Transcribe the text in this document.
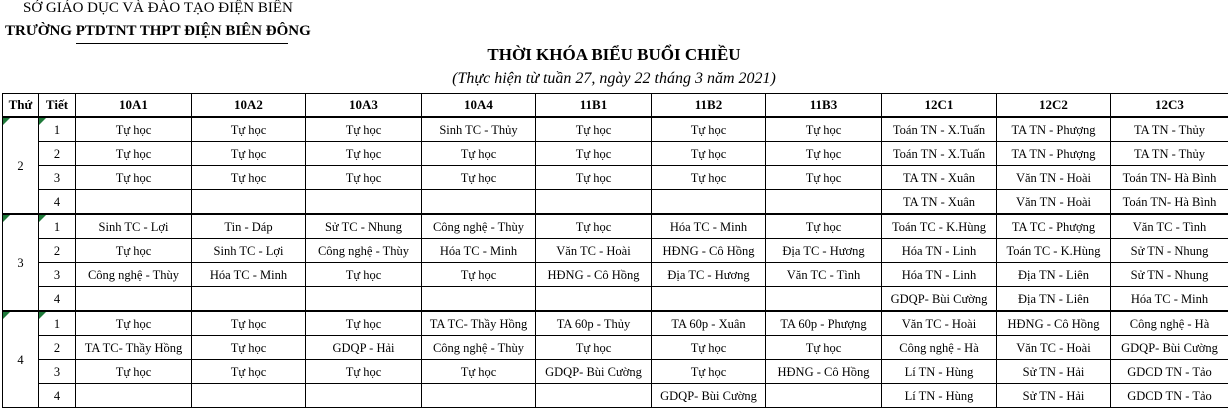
SỞ GIÁO DỤC VÀ ĐÀO TẠO ĐIỆN BIÊN
TRƯỜNG PTDTNT THPT ĐIỆN BIÊN ĐÔNG
THỜI KHÓA BIỂU BUỔI CHIỀU
(Thực hiện từ tuần 27, ngày 22 tháng 3 năm 2021)
Thứ	Tiết	10A1	10A2	10A3	10A4	11B1	11B2	11B3	12C1	12C2	12C3
2	1	Tự học	Tự học	Tự học	Sinh TC - Thủy	Tự học	Tự học	Tự học	Toán TN - X.Tuấn	TA TN - Phượng	TA TN - Thủy
	2	Tự học	Tự học	Tự học	Tự học	Tự học	Tự học	Tự học	Toán TN - X.Tuấn	TA TN - Phượng	TA TN - Thủy
	3	Tự học	Tự học	Tự học	Tự học	Tự học	Tự học	Tự học	TA TN - Xuân	Văn TN - Hoài	Toán TN- Hà Bình
	4								TA TN - Xuân	Văn TN - Hoài	Toán TN- Hà Bình
3	1	Sinh TC - Lợi	Tin - Dáp	Sử TC - Nhung	Công nghệ - Thùy	Tự học	Hóa TC - Minh	Tự học	Toán TC - K.Hùng	TA TC - Phượng	Văn TC - Tình
	2	Tự học	Sinh TC - Lợi	Công nghệ - Thùy	Hóa TC - Minh	Văn TC - Hoài	HĐNG - Cô Hồng	Địa TC - Hương	Hóa TN - Linh	Toán TC - K.Hùng	Sử TN - Nhung
	3	Công nghệ - Thùy	Hóa TC - Minh	Tự học	Tự học	HĐNG - Cô Hồng	Địa TC - Hương	Văn TC - Tình	Hóa TN - Linh	Địa TN - Liên	Sử TN - Nhung
	4								GDQP- Bùi Cường	Địa TN - Liên	Hóa TC - Minh
4	1	Tự học	Tự học	Tự học	TA TC- Thầy Hồng	TA 60p - Thủy	TA 60p - Xuân	TA 60p - Phượng	Văn TC - Hoài	HĐNG - Cô Hồng	Công nghệ - Hà
	2	TA TC- Thầy Hồng	Tự học	GDQP - Hải	Công nghệ - Thùy	Tự học	Tự học	Tự học	Công nghệ - Hà	Văn TC - Hoài	GDQP- Bùi Cường
	3	Tự học	Tự học	Tự học	Tự học	GDQP- Bùi Cường	Tự học	HĐNG - Cô Hồng	Lí TN - Hùng	Sử TN - Hải	GDCD TN - Tảo
	4						GDQP- Bùi Cường		Lí TN - Hùng	Sử TN - Hải	GDCD TN - Tảo
